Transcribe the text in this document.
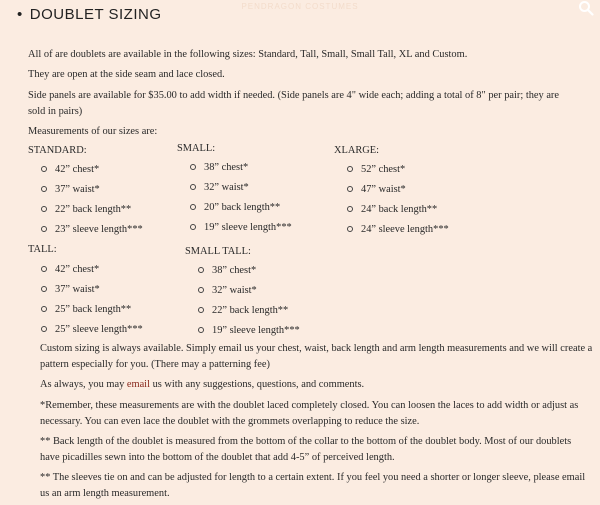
PENDRAGON COSTUMES
• DOUBLET SIZING
All of are doublets are available in the following sizes: Standard, Tall, Small, Small Tall, XL and Custom.
They are open at the side seam and lace closed.
Side panels are available for $35.00 to add width if needed. (Side panels are 4" wide each; adding a total of 8" per pair; they are
sold in pairs)
Measurements of our sizes are:
STANDARD:
42” chest*
37” waist*
22” back length**
23” sleeve length***
SMALL:
38” chest*
32” waist*
20” back length**
19” sleeve length***
XLARGE:
52” chest*
47” waist*
24” back length**
24” sleeve length***
TALL:
42” chest*
37” waist*
25” back length**
25” sleeve length***
SMALL TALL:
38” chest*
32” waist*
22” back length**
19” sleeve length***
Custom sizing is always available. Simply email us your chest, waist, back length and arm length measurements and we will create a
pattern especially for you. (There may a patterning fee)
As always, you may email us with any suggestions, questions, and comments.
*Remember, these measurements are with the doublet laced completely closed. You can loosen the laces to add width or adjust as
necessary. You can even lace the doublet with the grommets overlapping to reduce the size.
** Back length of the doublet is measured from the bottom of the collar to the bottom of the doublet body. Most of our doublets
have picadilles sewn into the bottom of the doublet that add 4-5” of perceived length.
** The sleeves tie on and can be adjusted for length to a certain extent. If you feel you need a shorter or longer sleeve, please email
us an arm length measurement.
